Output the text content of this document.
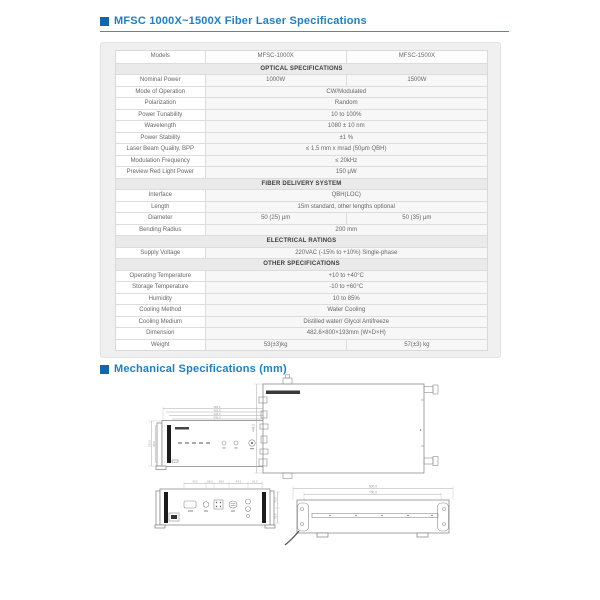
MFSC 1000X~1500X Fiber Laser Specifications
Models	MFSC-1000X	MFSC-1500X
OPTICAL SPECIFICATIONS
Nominal Power	1000W	1500W
Mode of Operation	CW/Modulated
Polarization	Random
Power Tunability	10 to 100%
Wavelength	1080 ± 10 nm
Power Stability	±1 %
Laser Beam Quality, BPP	≤ 1.5 mm x mrad (50μm QBH)
Modulation Frequency	≤ 20kHz
Preview Red Light Power	150 μW
FIBER DELIVERY SYSTEM
Interface	QBH(LOC)
Length	15m standard, other lengths optional
Diameter	50 (25) μm	50 (35) μm
Bending Radius	200 mm
ELECTRICAL RATINGS
Supply Voltage	220VAC (-15% to +10%) Single-phase
OTHER SPECIFICATIONS
Operating Temperature	+10 to +40°C
Storage Temperature	-10 to +60°C
Humidity	10 to 85%
Cooling Method	Water Cooling
Cooling Medium	Distilled water/ Glycol Antifreeze
Dimension	482.6×800×193mm (W×D×H)
Weight	53(±3)kg	57(±3) kg
Mechanical Specifications (mm)
482.6
465.0
448.0
430.0
193.0 88.9
448.0
43.5	58.0 59.0	43.5	81.5
76.0
56.5
800.0
700.0
